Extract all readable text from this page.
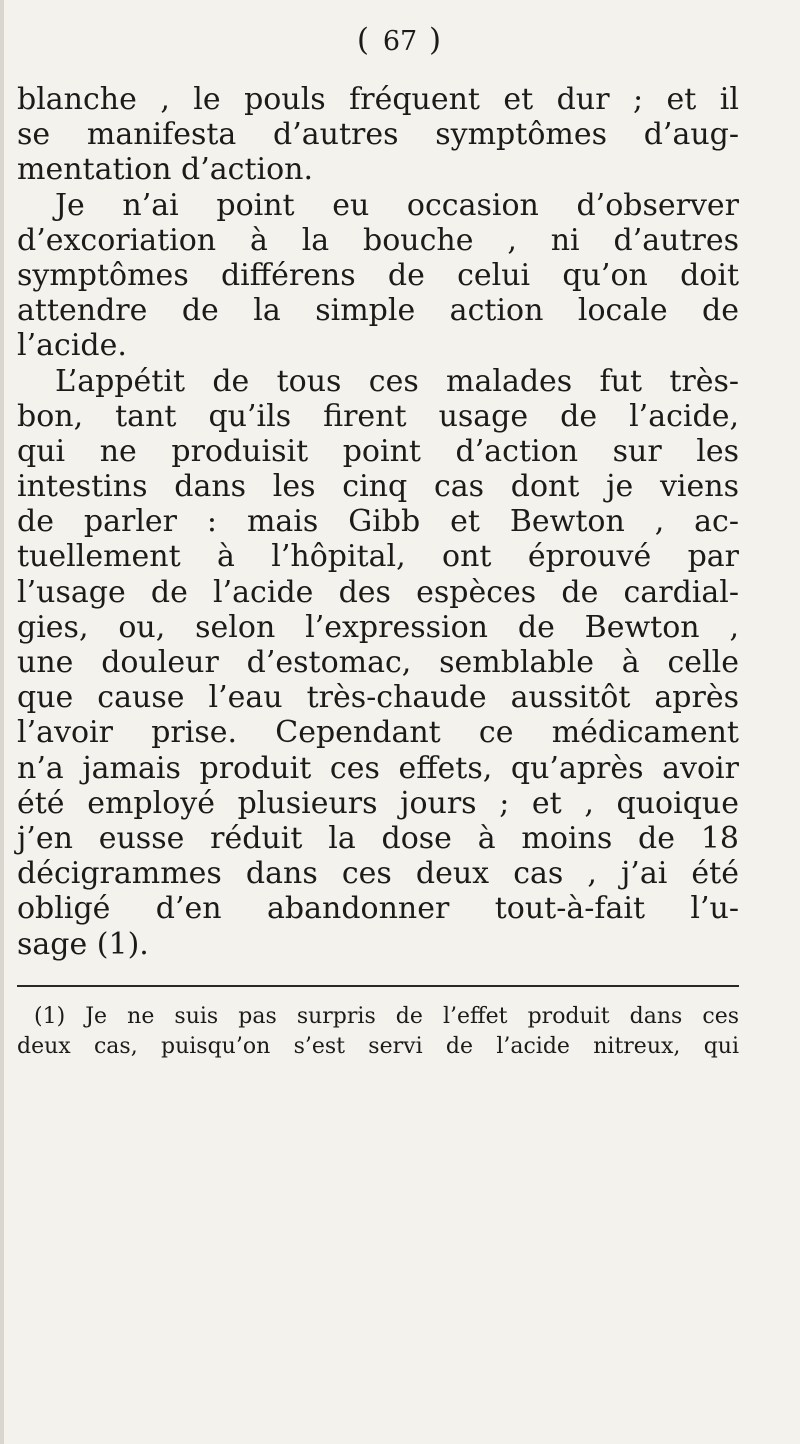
( 67 )
blanche , le pouls fréquent et dur ; et il
se manifesta d’autres symptômes d’aug-
mentation d’action.
Je n’ai point eu occasion d’observer
d’excoriation à la bouche , ni d’autres
symptômes différens de celui qu’on doit
attendre de la simple action locale de
l’acide.
L’appétit de tous ces malades fut très-
bon, tant qu’ils firent usage de l’acide,
qui ne produisit point d’action sur les
intestins dans les cinq cas dont je viens
de parler : mais Gibb et Bewton , ac-
tuellement à l’hôpital, ont éprouvé par
l’usage de l’acide des espèces de cardial-
gies, ou, selon l’expression de Bewton ,
une douleur d’estomac, semblable à celle
que cause l’eau très-chaude aussitôt après
l’avoir prise. Cependant ce médicament
n’a jamais produit ces effets, qu’après avoir
été employé plusieurs jours ; et , quoique
j’en eusse réduit la dose à moins de 18
décigrammes dans ces deux cas , j’ai été
obligé d’en abandonner tout-à-fait l’u-
sage (1).
(1) Je ne suis pas surpris de l’effet produit dans ces
deux cas, puisqu’on s’est servi de l’acide nitreux, qui
